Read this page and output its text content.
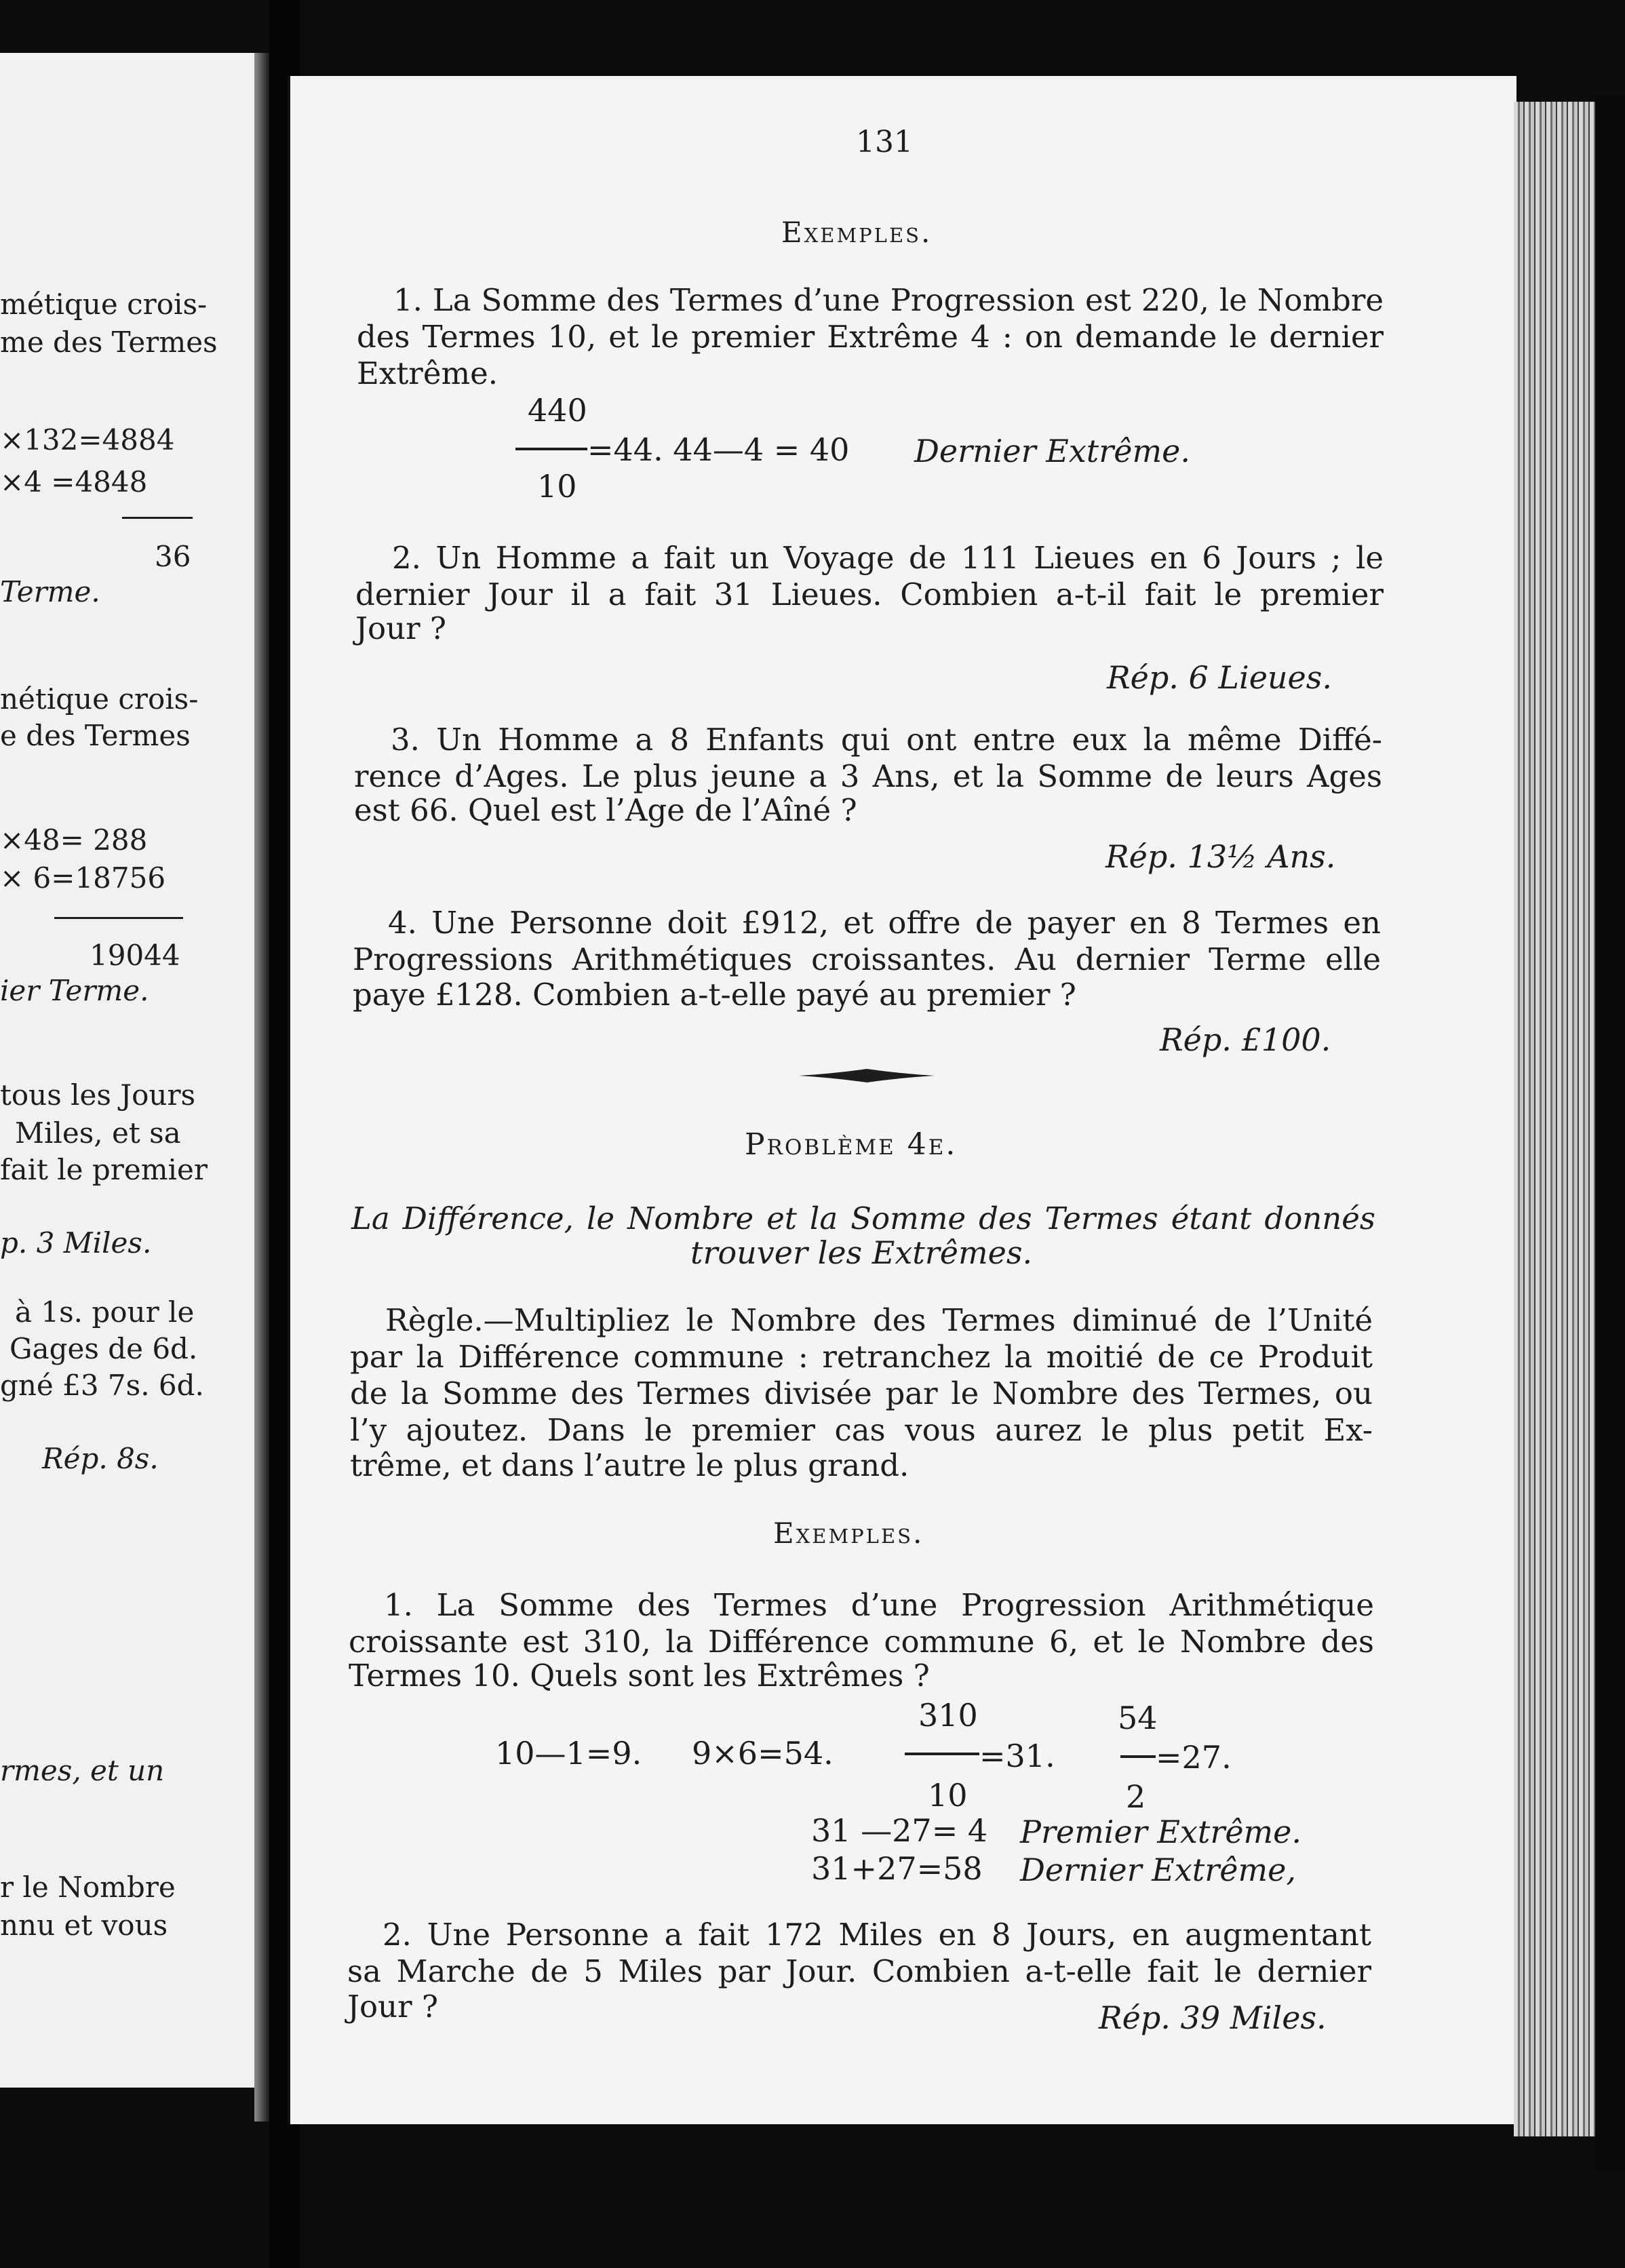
métique crois-
me des Termes
×132=4884
×4 =4848
36
Terme.
nétique crois-
e des Termes
×48= 288
× 6=18756
19044
ier Terme.
tous les Jours
Miles, et sa
fait le premier
p. 3 Miles.
à 1s. pour le
Gages de 6d.
gné £3 7s. 6d.
Rép. 8s.
rmes, et un
r le Nombre
nnu et vous
131
Exemples.
1. La Somme des Termes d’une Progression est 220, le Nombre
des Termes 10, et le premier Extrême 4 : on demande le dernier
Extrême.
440
10
=44. 44—4 = 40 Dernier Extrême.
2. Un Homme a fait un Voyage de 111 Lieues en 6 Jours ; le
dernier Jour il a fait 31 Lieues. Combien a-t-il fait le premier
Jour ?
Rép. 6 Lieues.
3. Un Homme a 8 Enfants qui ont entre eux la même Diffé-
rence d’Ages. Le plus jeune a 3 Ans, et la Somme de leurs Ages
est 66. Quel est l’Age de l’Aîné ?
Rép. 13½ Ans.
4. Une Personne doit £912, et offre de payer en 8 Termes en
Progressions Arithmétiques croissantes. Au dernier Terme elle
paye £128. Combien a-t-elle payé au premier ?
Rép. £100.
Problème 4e.
La Différence, le Nombre et la Somme des Termes étant donnés
trouver les Extrêmes.
Règle.—Multipliez le Nombre des Termes diminué de l’Unité
par la Différence commune : retranchez la moitié de ce Produit
de la Somme des Termes divisée par le Nombre des Termes, ou
l’y ajoutez. Dans le premier cas vous aurez le plus petit Ex-
trême, et dans l’autre le plus grand.
Exemples.
1. La Somme des Termes d’une Progression Arithmétique
croissante est 310, la Différence commune 6, et le Nombre des
Termes 10. Quels sont les Extrêmes ?
10—1=9. 9×6=54.
310
10
=31.
54
2
=27.
31 —27= 4 Premier Extrême.
31+27=58 Dernier Extrême,
2. Une Personne a fait 172 Miles en 8 Jours, en augmentant
sa Marche de 5 Miles par Jour. Combien a-t-elle fait le dernier
Jour ?	Rép. 39 Miles.
